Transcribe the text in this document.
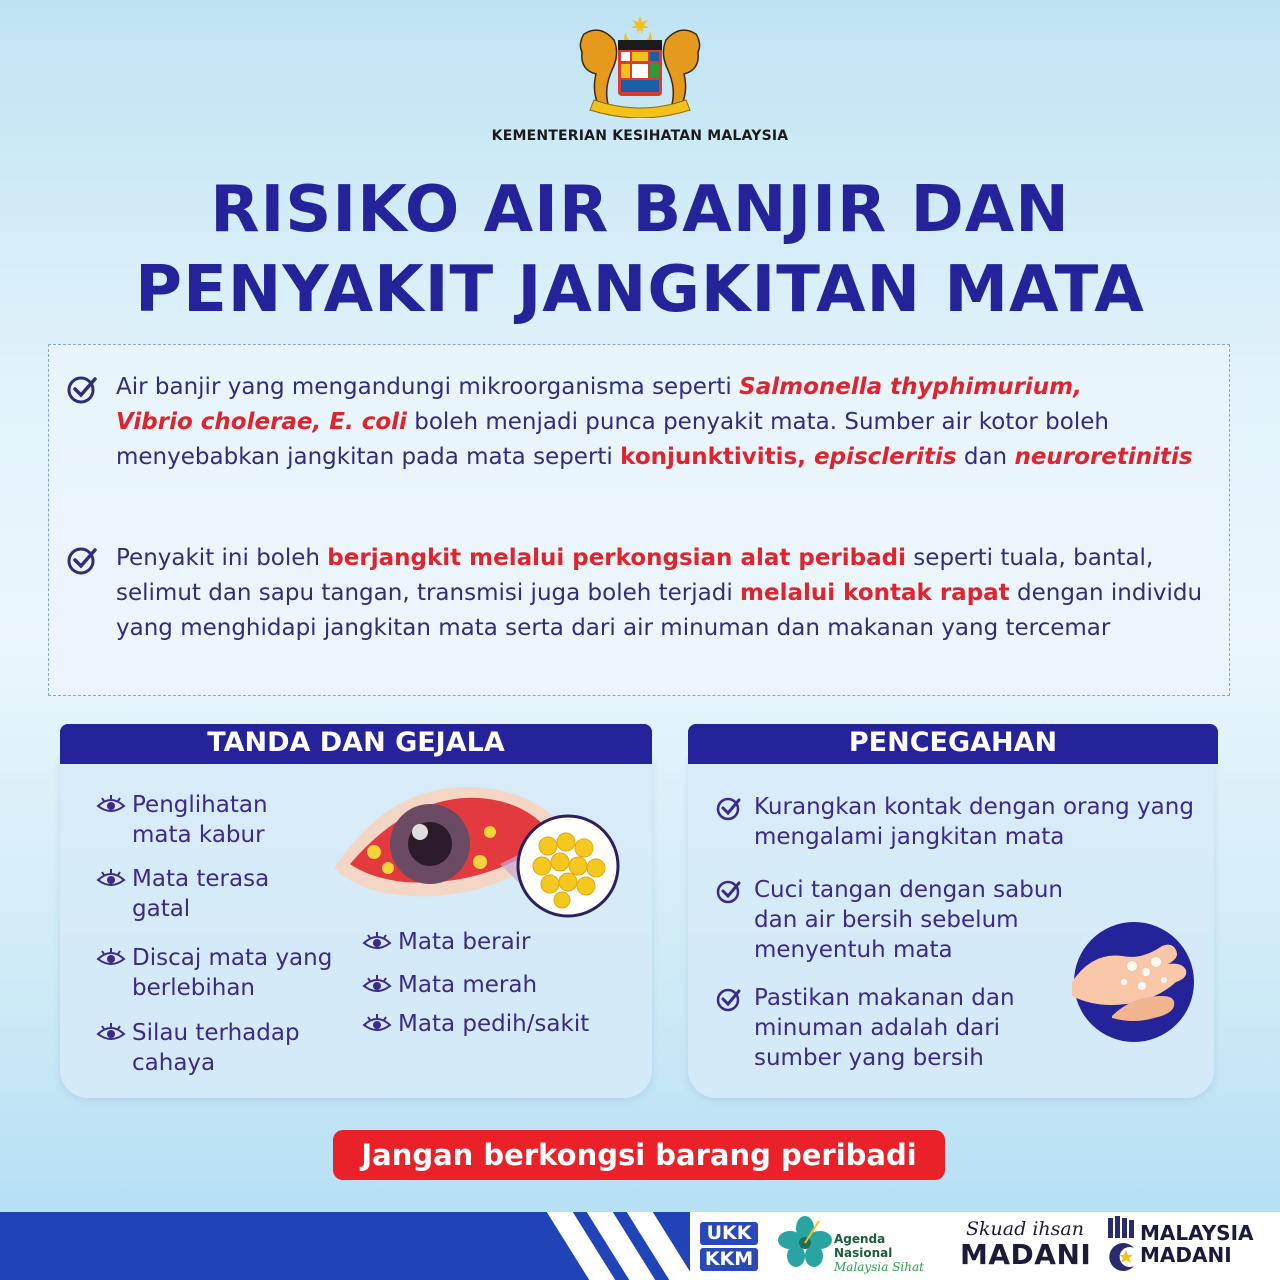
KEMENTERIAN KESIHATAN MALAYSIA
RISIKO AIR BANJIR DAN
PENYAKIT JANGKITAN MATA
Air banjir yang mengandungi mikroorganisma seperti Salmonella thyphimurium,
Vibrio cholerae, E. coli boleh menjadi punca penyakit mata. Sumber air kotor boleh menyebabkan jangkitan pada mata seperti konjunktivitis, episcleritis dan neuroretinitis
Penyakit ini boleh berjangkit melalui perkongsian alat peribadi seperti tuala, bantal, selimut dan sapu tangan, transmisi juga boleh terjadi melalui kontak rapat dengan individu yang menghidapi jangkitan mata serta dari air minuman dan makanan yang tercemar
TANDA DAN GEJALA	PENCEGAHAN
Penglihatan mata kabur
Mata terasa gatal
Discaj mata yang berlebihan
Silau terhadap cahaya
Mata berair
Mata merah
Mata pedih/sakit
Kurangkan kontak dengan orang yang mengalami jangkitan mata
Cuci tangan dengan sabun dan air bersih sebelum menyentuh mata
Pastikan makanan dan minuman adalah dari sumber yang bersih
Jangan berkongsi barang peribadi
UKK
KKM
Agenda Nasional
Malaysia Sihat
Skuad ihsan
MADANI
MALAYSIA
MADANI
